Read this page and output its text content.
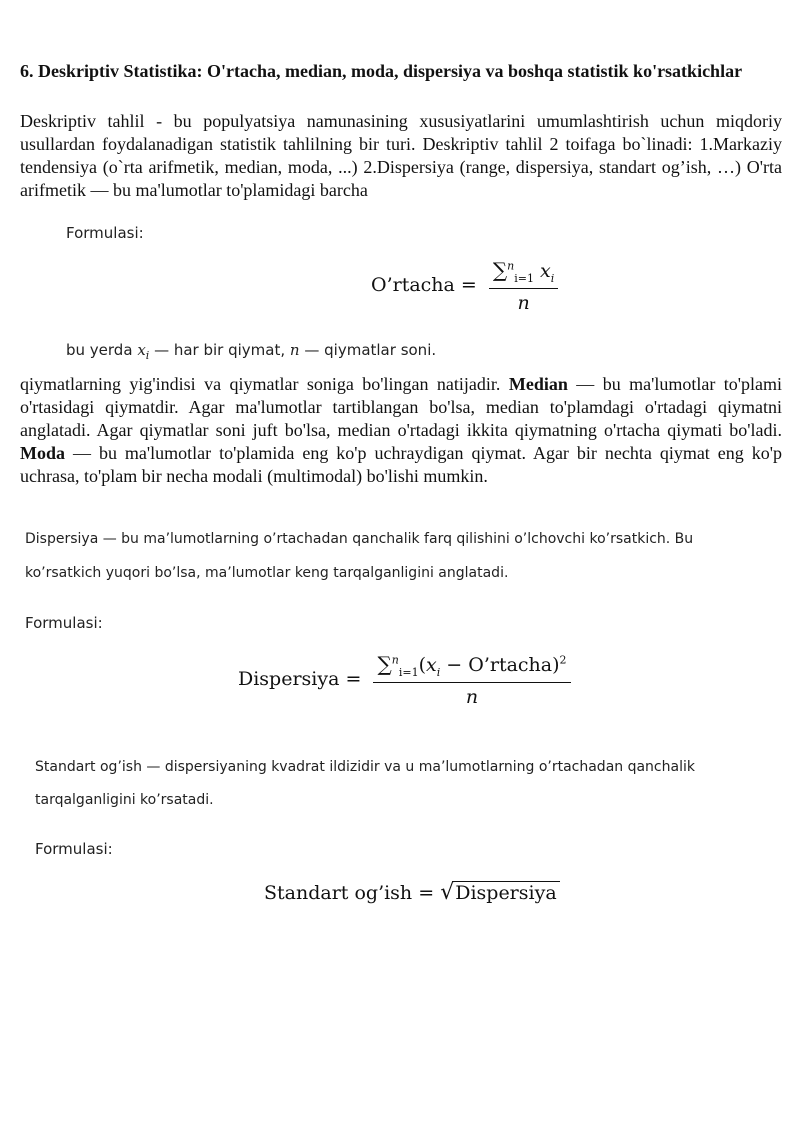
6. Deskriptiv Statistika: O'rtacha, median, moda, dispersiya va boshqa statistik ko'rsatkichlar

Deskriptiv tahlil - bu populyatsiya namunasining xususiyatlarini umumlashtirish uchun miqdoriy usullardan foydalanadigan statistik tahlilning bir turi. Deskriptiv tahlil 2 toifaga bo`linadi: 1.Markaziy tendensiya (o`rta arifmetik, median, moda, ...) 2.Dispersiya (range, dispersiya, standart og’ish, …) O'rta arifmetik — bu ma'lumotlar to'plamidagi barcha

Formulasi:
O’rtacha = $\frac{\sum^n_{i=1} x_i}{n}$
bu yerda $x_i$ — har bir qiymat, n — qiymatlar soni.

qiymatlarning yig'indisi va qiymatlar soniga bo'lingan natijadir. Median — bu ma'lumotlar to'plami o'rtasidagi qiymatdir. Agar ma'lumotlar tartiblangan bo'lsa, median to'plamdagi o'rtadagi qiymatni anglatadi. Agar qiymatlar soni juft bo'lsa, median o'rtadagi ikkita qiymatning o'rtacha qiymati bo'ladi. Moda — bu ma'lumotlar to'plamida eng ko'p uchraydigan qiymat. Agar bir nechta qiymat eng ko'p uchrasa, to'plam bir necha modali (multimodal) bo'lishi mumkin.

Dispersiya — bu ma’lumotlarning o’rtachadan qanchalik farq qilishini o’lchovchi ko’rsatkich. Bu
ko’rsatkich yuqori bo’lsa, ma’lumotlar keng tarqalganligini anglatadi.
Formulasi:
Dispersiya = $\frac{\sum^n_{i=1}(x_i - O’rtacha)^2}{n}$
Standart og’ish — dispersiyaning kvadrat ildizidir va u ma’lumotlarning o’rtachadan qanchalik
tarqalganligini ko’rsatadi.
Formulasi:
Standart og’ish = √Dispersiya
